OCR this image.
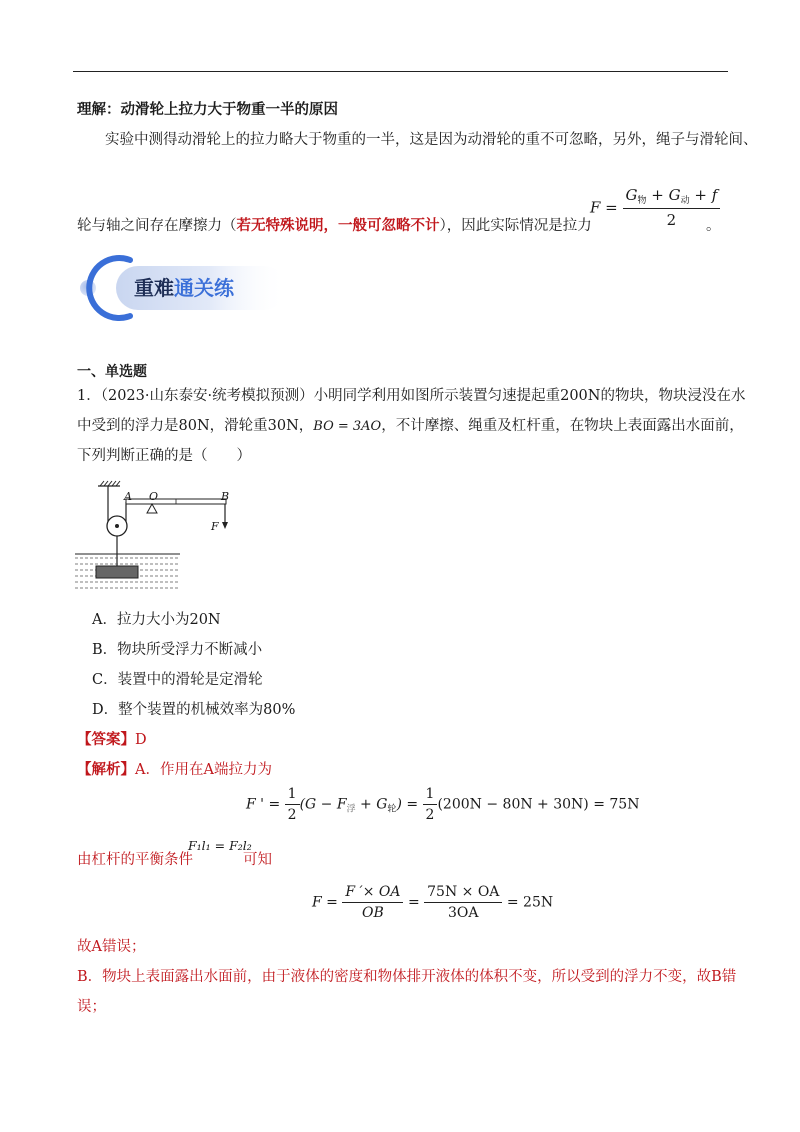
理解：动滑轮上拉力大于物重一半的原因
实验中测得动滑轮上的拉力略大于物重的一半，这是因为动滑轮的重不可忽略，另外，绳子与滑轮间、
轮与轴之间存在摩擦力（若无特殊说明，一般可忽略不计），因此实际情况是拉力
$F = \frac{G_物 + G_动 + f}{2}$
。
重难通关练
一、单选题
1．（2023·山东泰安·统考模拟预测）小明同学利用如图所示装置匀速提起重200N的物块，物块浸没在水
中受到的浮力是80N，滑轮重30N，BO = 3AO，不计摩擦、绳重及杠杆重，在物块上表面露出水面前，
下列判断正确的是（　　）
A O	B
F
A．拉力大小为20N
B．物块所受浮力不断减小
C．装置中的滑轮是定滑轮
D．整个装置的机械效率为80%
【答案】D
【解析】A．作用在A端拉力为
F ' = $\frac{1}{2} (G - F_浮 + G_轮) = \frac{1}{2} (200N - 80N + 30N) = 75N$
由杠杆的平衡条件
F₁l₁ = F₂l₂
可知
$F = \frac{F '\times OA}{OB} = \frac{75N \times OA}{3OA} = 25N$
故A错误；
B．物块上表面露出水面前，由于液体的密度和物体排开液体的体积不变，所以受到的浮力不变，故B错
误；
